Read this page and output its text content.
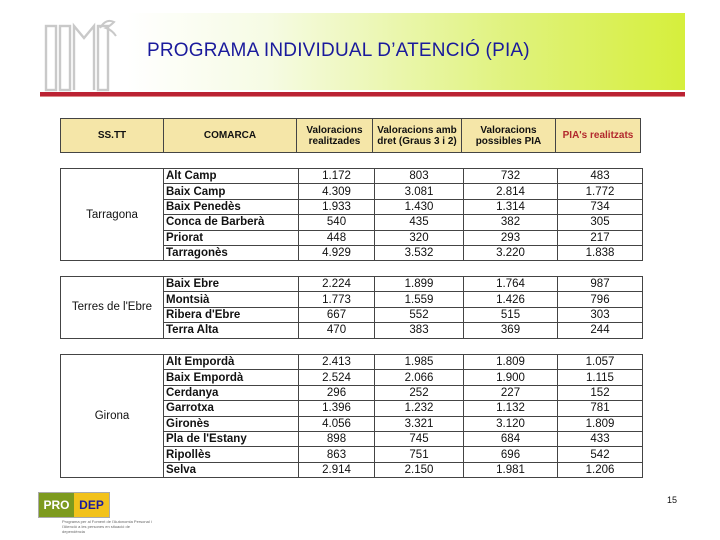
PROGRAMA INDIVIDUAL D’ATENCIÓ (PIA)
SS.TT	COMARCA	Valoracions realitzades	Valoracions amb dret (Graus 3 i 2)	Valoracions possibles PIA	PIA's realitzats
Tarragona	Alt Camp	1.172	803	732	483
	Baix Camp	4.309	3.081	2.814	1.772
	Baix Penedès	1.933	1.430	1.314	734
	Conca de Barberà	540	435	382	305
	Priorat	448	320	293	217
	Tarragonès	4.929	3.532	3.220	1.838
Terres de l'Ebre	Baix Ebre	2.224	1.899	1.764	987
	Montsià	1.773	1.559	1.426	796
	Ribera d'Ebre	667	552	515	303
	Terra Alta	470	383	369	244
Girona	Alt Empordà	2.413	1.985	1.809	1.057
	Baix Empordà	2.524	2.066	1.900	1.115
	Cerdanya	296	252	227	152
	Garrotxa	1.396	1.232	1.132	781
	Gironès	4.056	3.321	3.120	1.809
	Pla de l'Estany	898	745	684	433
	Ripollès	863	751	696	542
	Selva	2.914	2.150	1.981	1.206
PRO DEP
Programa per al Foment de l'Autonomia Personal i l'Atenció a les persones en situació de dependència
15
